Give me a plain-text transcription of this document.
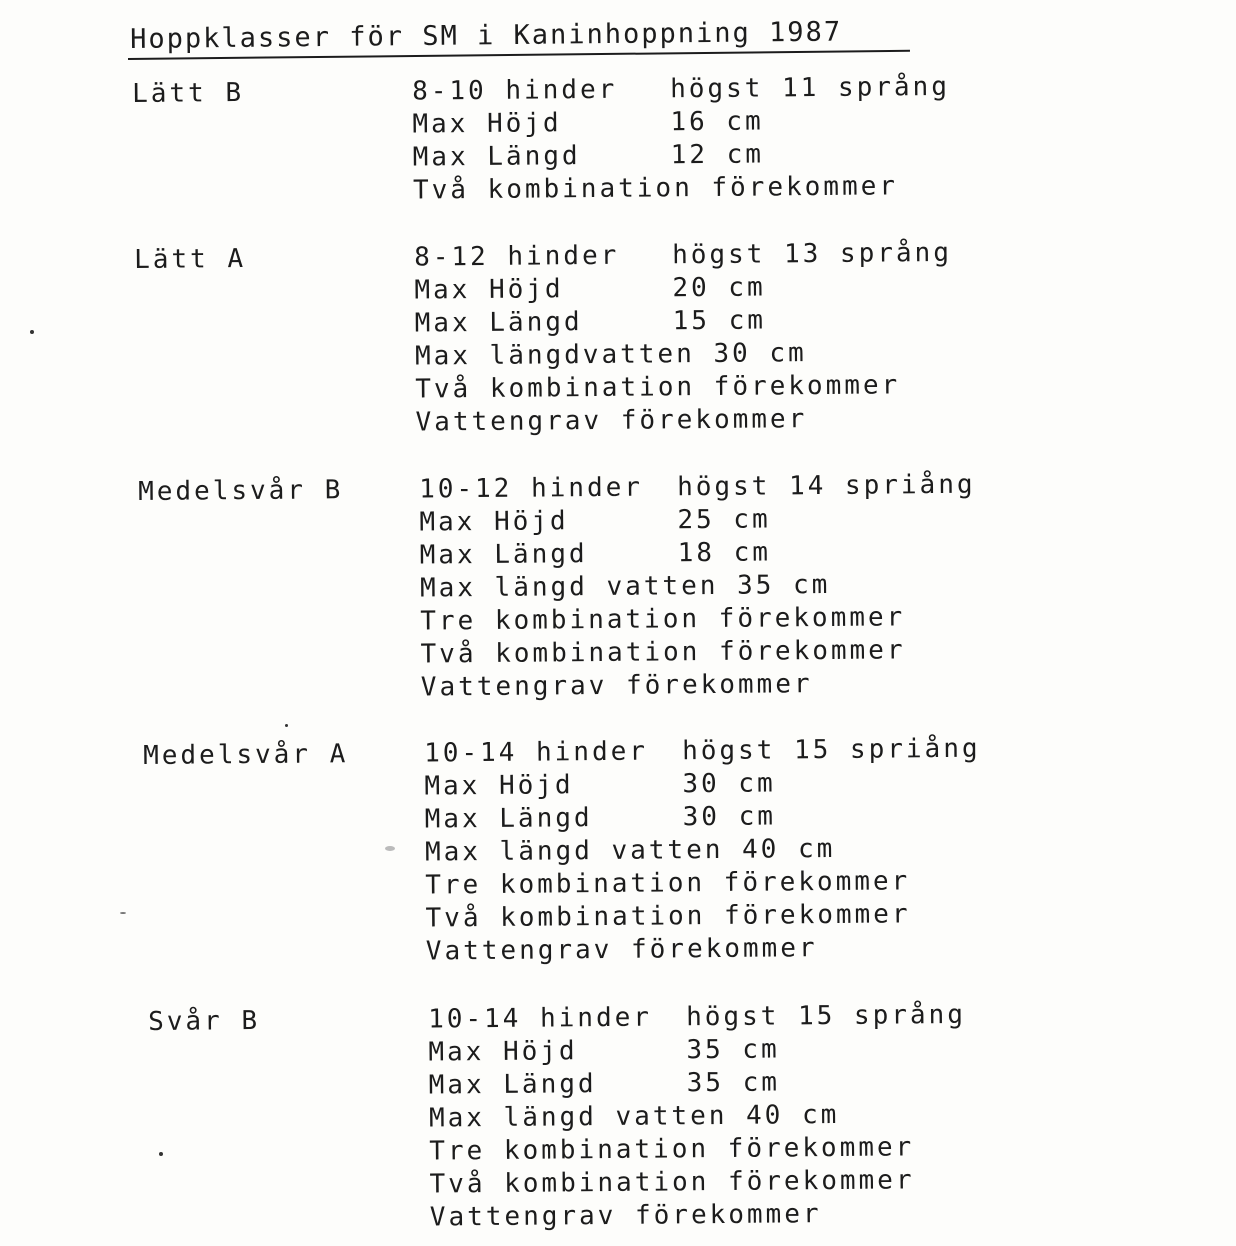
Hoppklasser för SM i Kaninhoppning 1987
Lätt B	8-10 hinder högst 11 språng
Max Höjd	16 cm
Max Längd	12 cm
Två kombination förekommer
Lätt A	8-12 hinder högst 13 språng
Max Höjd	20 cm
Max Längd	15 cm
Max längdvatten 30 cm
Två kombination förekommer
Vattengrav förekommer
Medelsvår B	10-12 hinder högst 14 spriång
Max Höjd	25 cm
Max Längd	18 cm
Max längd vatten 35 cm
Tre kombination förekommer
Två kombination förekommer
Vattengrav förekommer
Medelsvår A	10-14 hinder högst 15 spriång
Max Höjd	30 cm
Max Längd	30 cm
Max längd vatten 40 cm
Tre kombination förekommer
Två kombination förekommer
Vattengrav förekommer
Svår B	10-14 hinder högst 15 språng
Max Höjd	35 cm
Max Längd	35 cm
Max längd vatten 40 cm
Tre kombination förekommer
Två kombination förekommer
Vattengrav förekommer
